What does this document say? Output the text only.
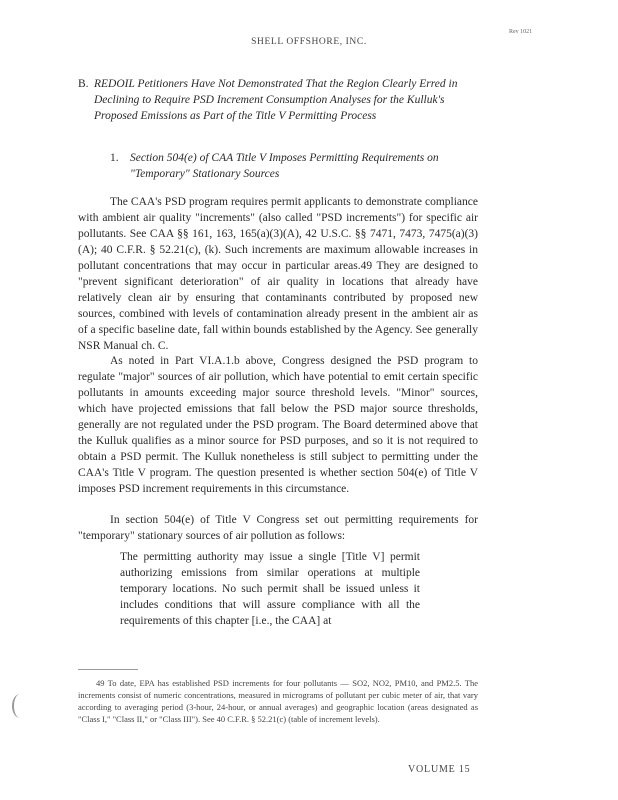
Rev 1021
SHELL OFFSHORE, INC.
B. REDOIL Petitioners Have Not Demonstrated That the Region Clearly Erred in Declining to Require PSD Increment Consumption Analyses for the Kulluk's Proposed Emissions as Part of the Title V Permitting Process
1. Section 504(e) of CAA Title V Imposes Permitting Requirements on "Temporary" Stationary Sources

The CAA's PSD program requires permit applicants to demonstrate compliance with ambient air quality "increments" (also called "PSD increments") for specific air pollutants. See CAA §§ 161, 163, 165(a)(3)(A), 42 U.S.C. §§ 7471, 7473, 7475(a)(3)(A); 40 C.F.R. § 52.21(c), (k). Such increments are maximum allowable increases in pollutant concentrations that may occur in particular areas.49 They are designed to "prevent significant deterioration" of air quality in locations that already have relatively clean air by ensuring that contaminants contributed by proposed new sources, combined with levels of contamination already present in the ambient air as of a specific baseline date, fall within bounds established by the Agency. See generally NSR Manual ch. C.

As noted in Part VI.A.1.b above, Congress designed the PSD program to regulate "major" sources of air pollution, which have potential to emit certain specific pollutants in amounts exceeding major source threshold levels. "Minor" sources, which have projected emissions that fall below the PSD major source thresholds, generally are not regulated under the PSD program. The Board determined above that the Kulluk qualifies as a minor source for PSD purposes, and so it is not required to obtain a PSD permit. The Kulluk nonetheless is still subject to permitting under the CAA's Title V program. The question presented is whether section 504(e) of Title V imposes PSD increment requirements in this circumstance.

In section 504(e) of Title V Congress set out permitting requirements for "temporary" stationary sources of air pollution as follows:

The permitting authority may issue a single [Title V] permit authorizing emissions from similar operations at multiple temporary locations. No such permit shall be issued unless it includes conditions that will assure compliance with all the requirements of this chapter [i.e., the CAA] at

49 To date, EPA has established PSD increments for four pollutants — SO2, NO2, PM10, and PM2.5. The increments consist of numeric concentrations, measured in micrograms of pollutant per cubic meter of air, that vary according to averaging period (3-hour, 24-hour, or annual averages) and geographic location (areas designated as "Class I," "Class II," or "Class III"). See 40 C.F.R. § 52.21(c) (table of increment levels).

VOLUME 15
